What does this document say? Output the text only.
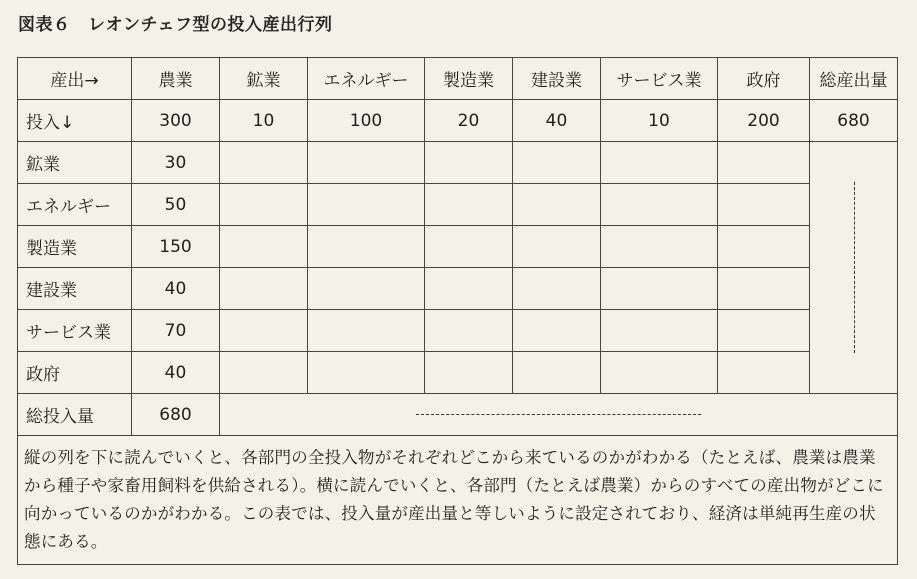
図表６　レオンチェフ型の投入産出行列
産出→	農業	鉱業	エネルギー	製造業	建設業	サービス業	政府	総産出量
投入↓	300	10	100	20	40	10	200	680
鉱業	30							

エネルギー	50							
製造業	150							
建設業	40							
サービス業	70							
政府	40							
総投入量	680							
縦の列を下に読んでいくと、各部門の全投入物がそれぞれどこから来ているのかがわかる（たとえば、農業は農業から種子や家畜用飼料を供給される）。横に読んでいくと、各部門（たとえば農業）からのすべての産出物がどこに向かっているのかがわかる。この表では、投入量が産出量と等しいように設定されており、経済は単純再生産の状態にある。								
